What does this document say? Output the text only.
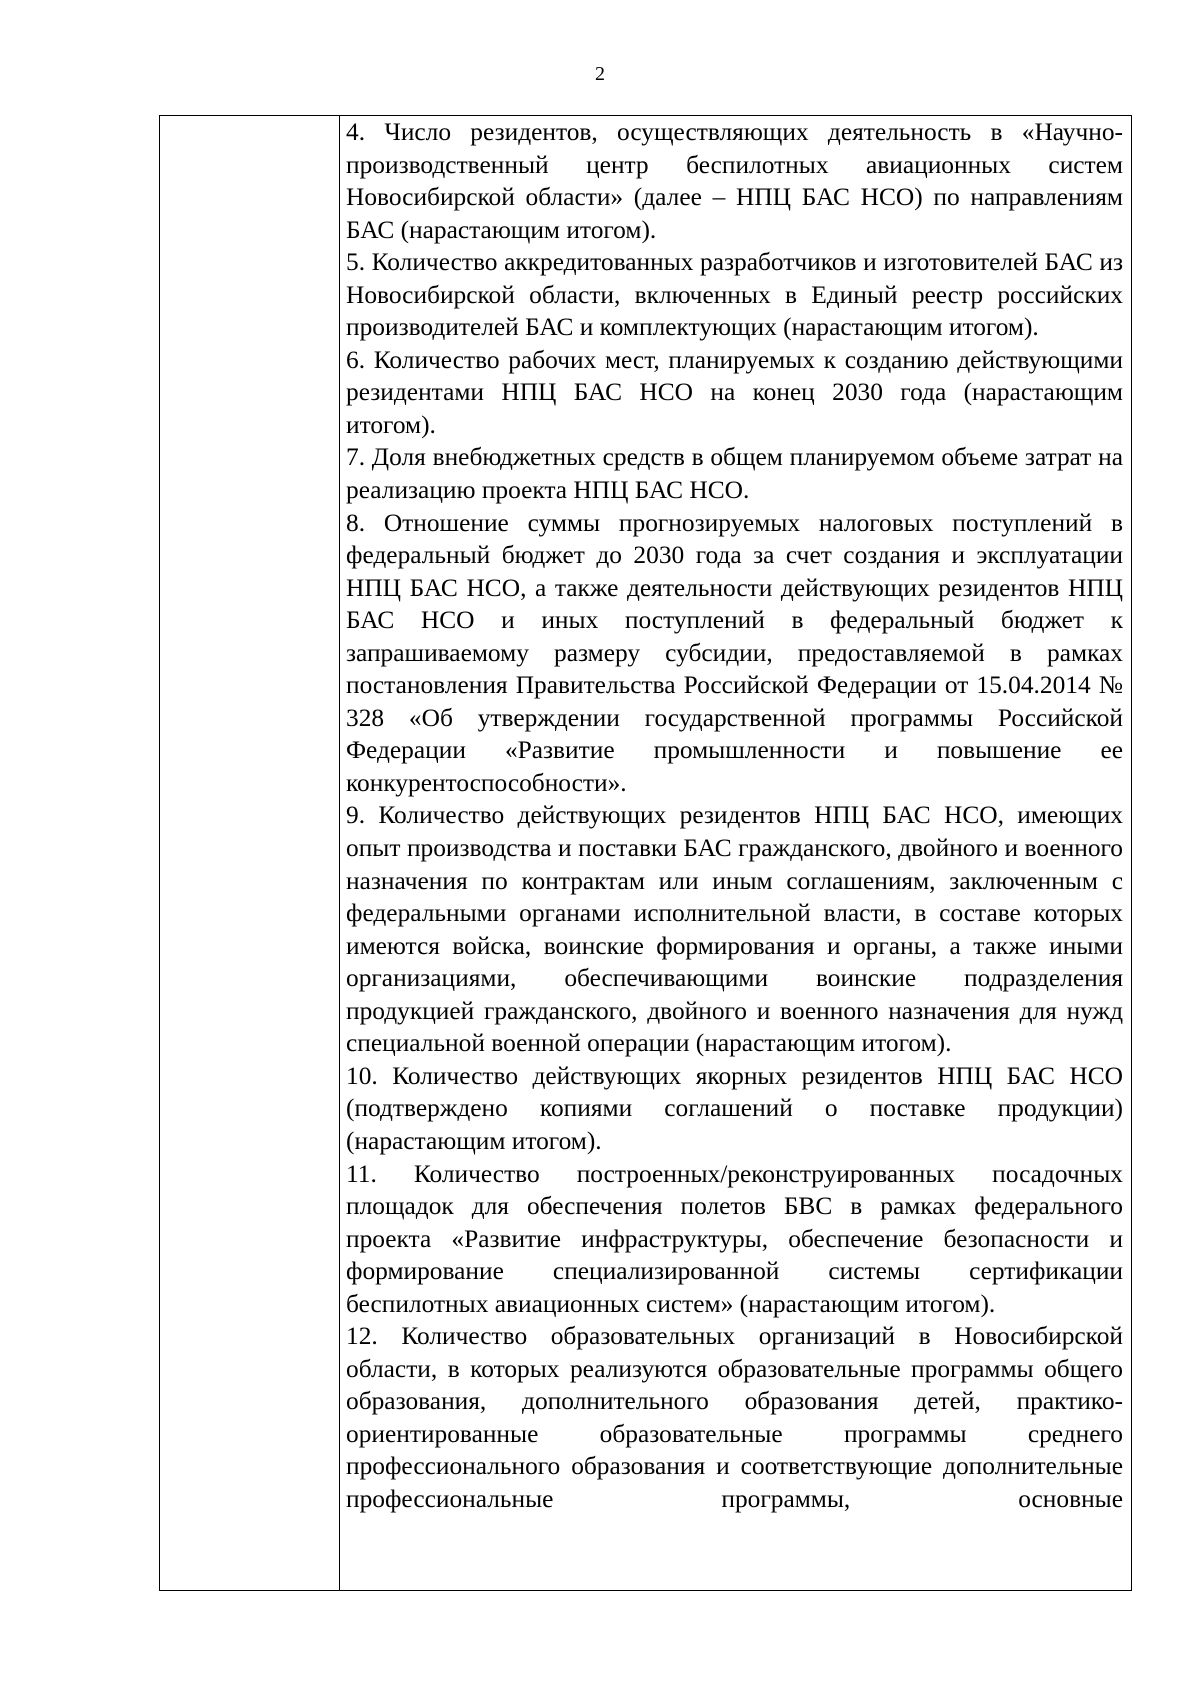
2

4. Число резидентов, осуществляющих деятельность в «Научно-производственный центр беспилотных авиационных систем Новосибирской области» (далее – НПЦ БАС НСО) по направлениям БАС (нарастающим итогом).

5. Количество аккредитованных разработчиков и изготовителей БАС из Новосибирской области, включенных в Единый реестр российских производителей БАС и комплектующих (нарастающим итогом).

6. Количество рабочих мест, планируемых к созданию действующими резидентами НПЦ БАС НСО на конец 2030 года (нарастающим итогом).

7. Доля внебюджетных средств в общем планируемом объеме затрат на реализацию проекта НПЦ БАС НСО.

8. Отношение суммы прогнозируемых налоговых поступлений в федеральный бюджет до 2030 года за счет создания и эксплуатации НПЦ БАС НСО, а также деятельности действующих резидентов НПЦ БАС НСО и иных поступлений в федеральный бюджет к запрашиваемому размеру субсидии, предоставляемой в рамках постановления Правительства Российской Федерации от 15.04.2014 № 328 «Об утверждении государственной программы Российской Федерации «Развитие промышленности и повышение ее конкурентоспособности».

9. Количество действующих резидентов НПЦ БАС НСО, имеющих опыт производства и поставки БАС гражданского, двойного и военного назначения по контрактам или иным соглашениям, заключенным с федеральными органами исполнительной власти, в составе которых имеются войска, воинские формирования и органы, а также иными организациями, обеспечивающими воинские подразделения продукцией гражданского, двойного и военного назначения для нужд специальной военной операции (нарастающим итогом).

10. Количество действующих якорных резидентов НПЦ БАС НСО (подтверждено копиями соглашений о поставке продукции) (нарастающим итогом).

11. Количество построенных/реконструированных посадочных площадок для обеспечения полетов БВС в рамках федерального проекта «Развитие инфраструктуры, обеспечение безопасности и формирование специализированной системы сертификации беспилотных авиационных систем» (нарастающим итогом).

12. Количество образовательных организаций в Новосибирской области, в которых реализуются образовательные программы общего образования, дополнительного образования детей, практико-ориентированные образовательные программы среднего профессионального образования и соответствующие дополнительные профессиональные программы, основные
